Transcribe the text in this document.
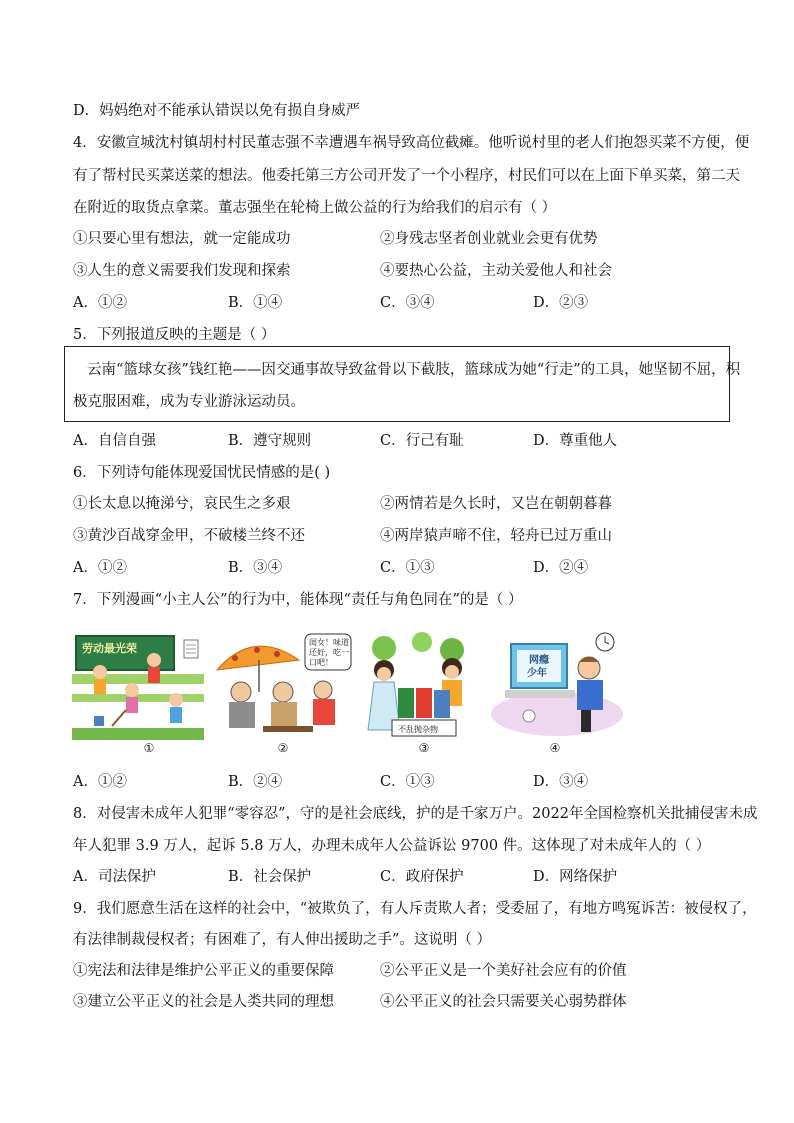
D．妈妈绝对不能承认错误以免有损自身威严
4．安徽宣城沈村镇胡村村民董志强不幸遭遇车祸导致高位截瘫。他听说村里的老人们抱怨买菜不方便，便
有了帮村民买菜送菜的想法。他委托第三方公司开发了一个小程序，村民们可以在上面下单买菜，第二天
在附近的取货点拿菜。董志强坐在轮椅上做公益的行为给我们的启示有（ ）
①只要心里有想法，就一定能成功	②身残志坚者创业就业会更有优势
③人生的意义需要我们发现和探索	④要热心公益，主动关爱他人和社会
A．①②	B．①④	C．③④	D．②③
5．下列报道反映的主题是（ ）
云南“篮球女孩”钱红艳——因交通事故导致盆骨以下截肢，篮球成为她“行走”的工具，她坚韧不屈，积
极克服困难，成为专业游泳运动员。
A．自信自强	B．遵守规则	C．行己有耻	D．尊重他人
6．下列诗句能体现爱国忧民情感的是( )
①长太息以掩涕兮，哀民生之多艰	②两情若是久长时，又岂在朝朝暮暮
③黄沙百战穿金甲，不破楼兰终不还	④两岸猿声啼不住，轻舟已过万重山
A．①②	B．③④	C．①③	D．②④
7．下列漫画“小主人公”的行为中，能体现“责任与角色同在”的是（ ）
劳动最光荣
①
闺女！味道
还好，吃一
口吧！
②
不乱抛杂物
③
网瘾
少年
④
A．①②	B．②④	C．①③	D．③④
8．对侵害未成年人犯罪“零容忍”，守的是社会底线，护的是千家万户。2022年全国检察机关批捕侵害未成
年人犯罪 3.9 万人，起诉 5.8 万人，办理未成年人公益诉讼 9700 件。这体现了对未成年人的（ ）
A．司法保护	B．社会保护	C．政府保护	D．网络保护
9．我们愿意生活在这样的社会中，“被欺负了，有人斥责欺人者；受委屈了，有地方鸣冤诉苦：被侵权了，
有法律制裁侵权者；有困难了，有人伸出援助之手”。这说明（ ）
①宪法和法律是维护公平正义的重要保障	②公平正义是一个美好社会应有的价值
③建立公平正义的社会是人类共同的理想	④公平正义的社会只需要关心弱势群体
